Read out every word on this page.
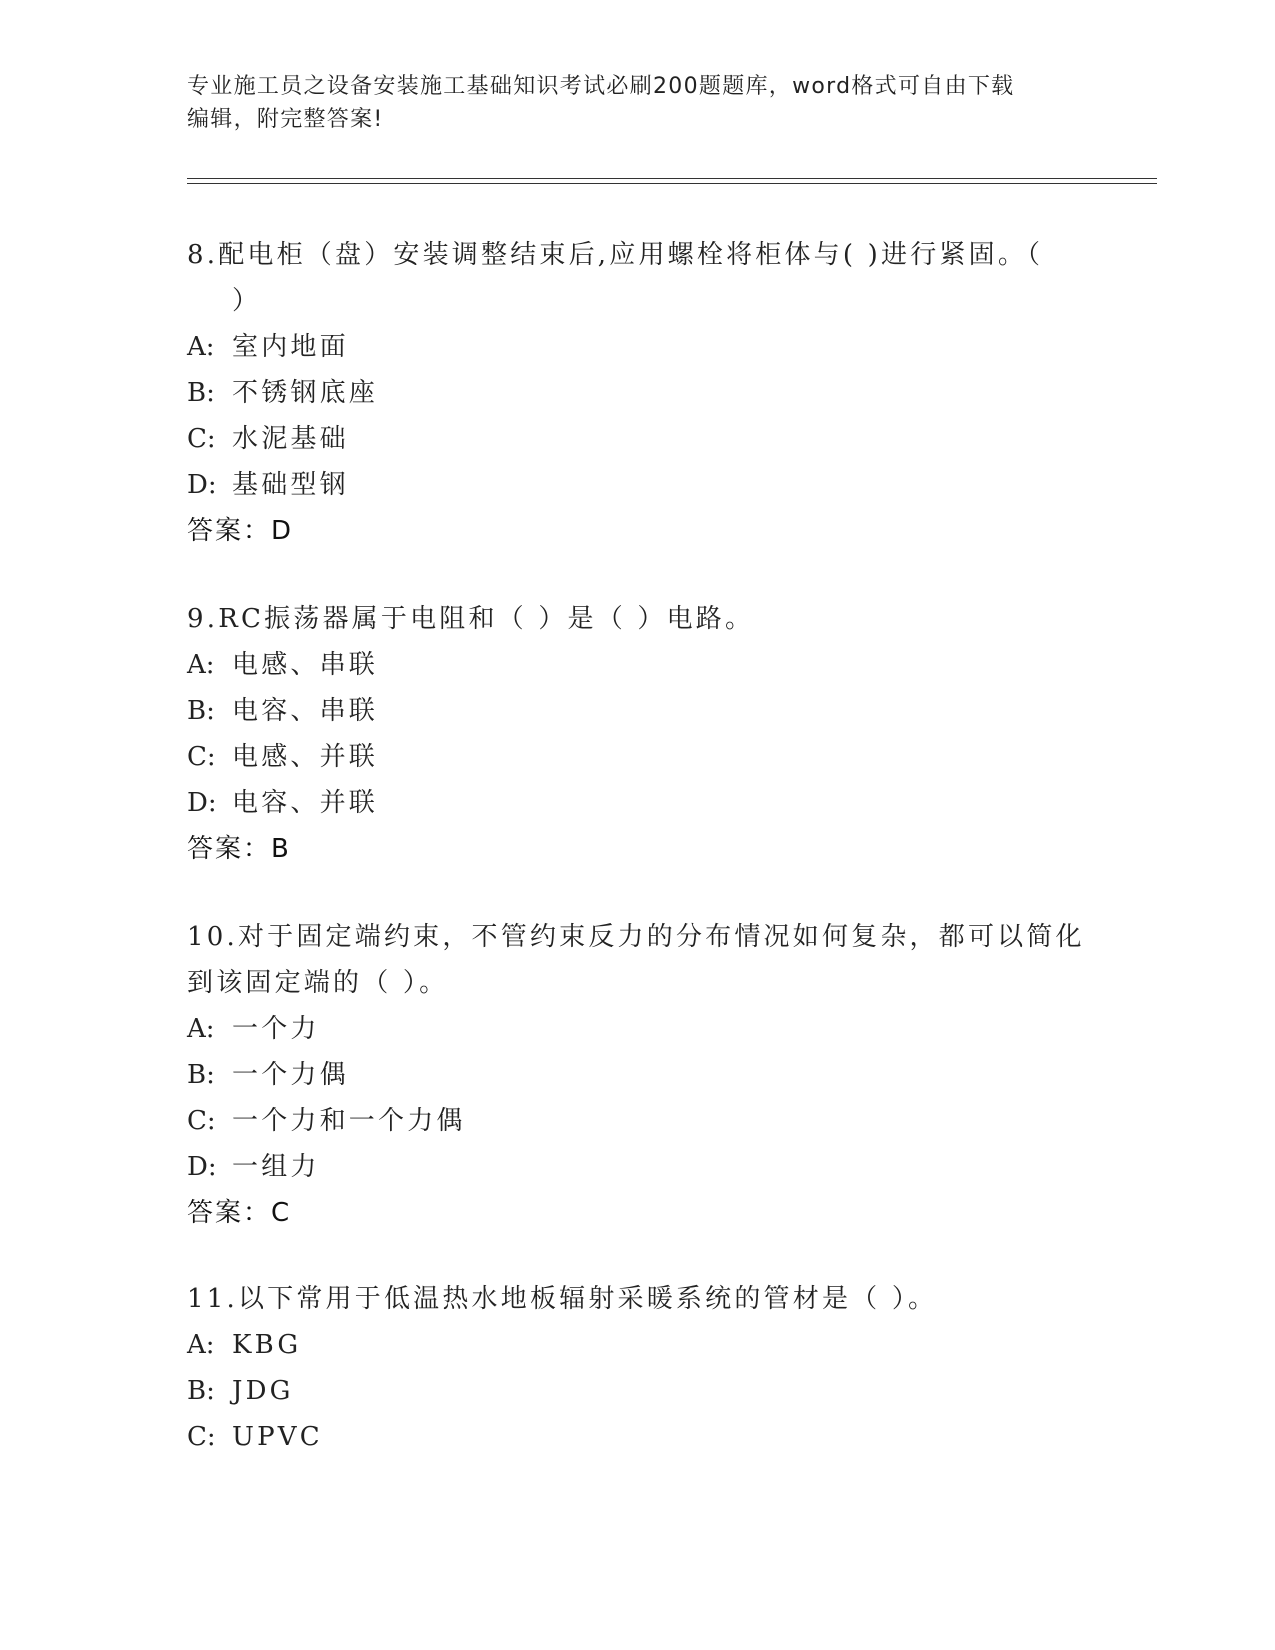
专业施工员之设备安装施工基础知识考试必刷200题题库，word格式可自由下载
编辑，附完整答案!
8.配电柜（盘）安装调整结束后,应用螺栓将柜体与( )进行紧固。（
）
A: 室内地面
B: 不锈钢底座
C: 水泥基础
D: 基础型钢
答案：D
9.RC振荡器属于电阻和（ ）是（ ）电路。
A: 电感、串联
B: 电容、串联
C: 电感、并联
D: 电容、并联
答案：B
10.对于固定端约束，不管约束反力的分布情况如何复杂，都可以简化
到该固定端的（ ）。
A: 一个力
B: 一个力偶
C: 一个力和一个力偶
D: 一组力
答案：C
11.以下常用于低温热水地板辐射采暖系统的管材是（ ）。
A: KBG
B: JDG
C: UPVC
